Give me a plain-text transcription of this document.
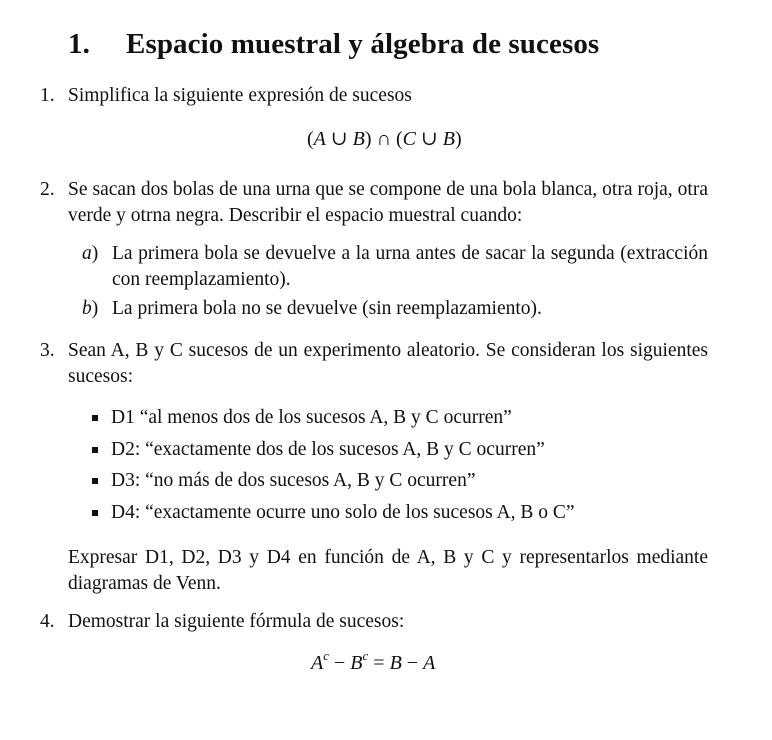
1. Espacio muestral y álgebra de sucesos
1. Simplifica la siguiente expresión de sucesos
(A ∪ B) ∩ (C ∪ B)
2. Se sacan dos bolas de una urna que se compone de una bola blanca, otra roja, otra verde y otrna negra. Describir el espacio muestral cuando:
a) La primera bola se devuelve a la urna antes de sacar la segunda (extracción con reemplazamiento).
b) La primera bola no se devuelve (sin reemplazamiento).
3. Sean A, B y C sucesos de un experimento aleatorio. Se consideran los siguientes sucesos:
D1 “al menos dos de los sucesos A, B y C ocurren”
D2: “exactamente dos de los sucesos A, B y C ocurren”
D3: “no más de dos sucesos A, B y C ocurren”
D4: “exactamente ocurre uno solo de los sucesos A, B o C”
Expresar D1, D2, D3 y D4 en función de A, B y C y representarlos mediante diagramas de Venn.
4. Demostrar la siguiente fórmula de sucesos:
$A^c - B^c = B - A$
